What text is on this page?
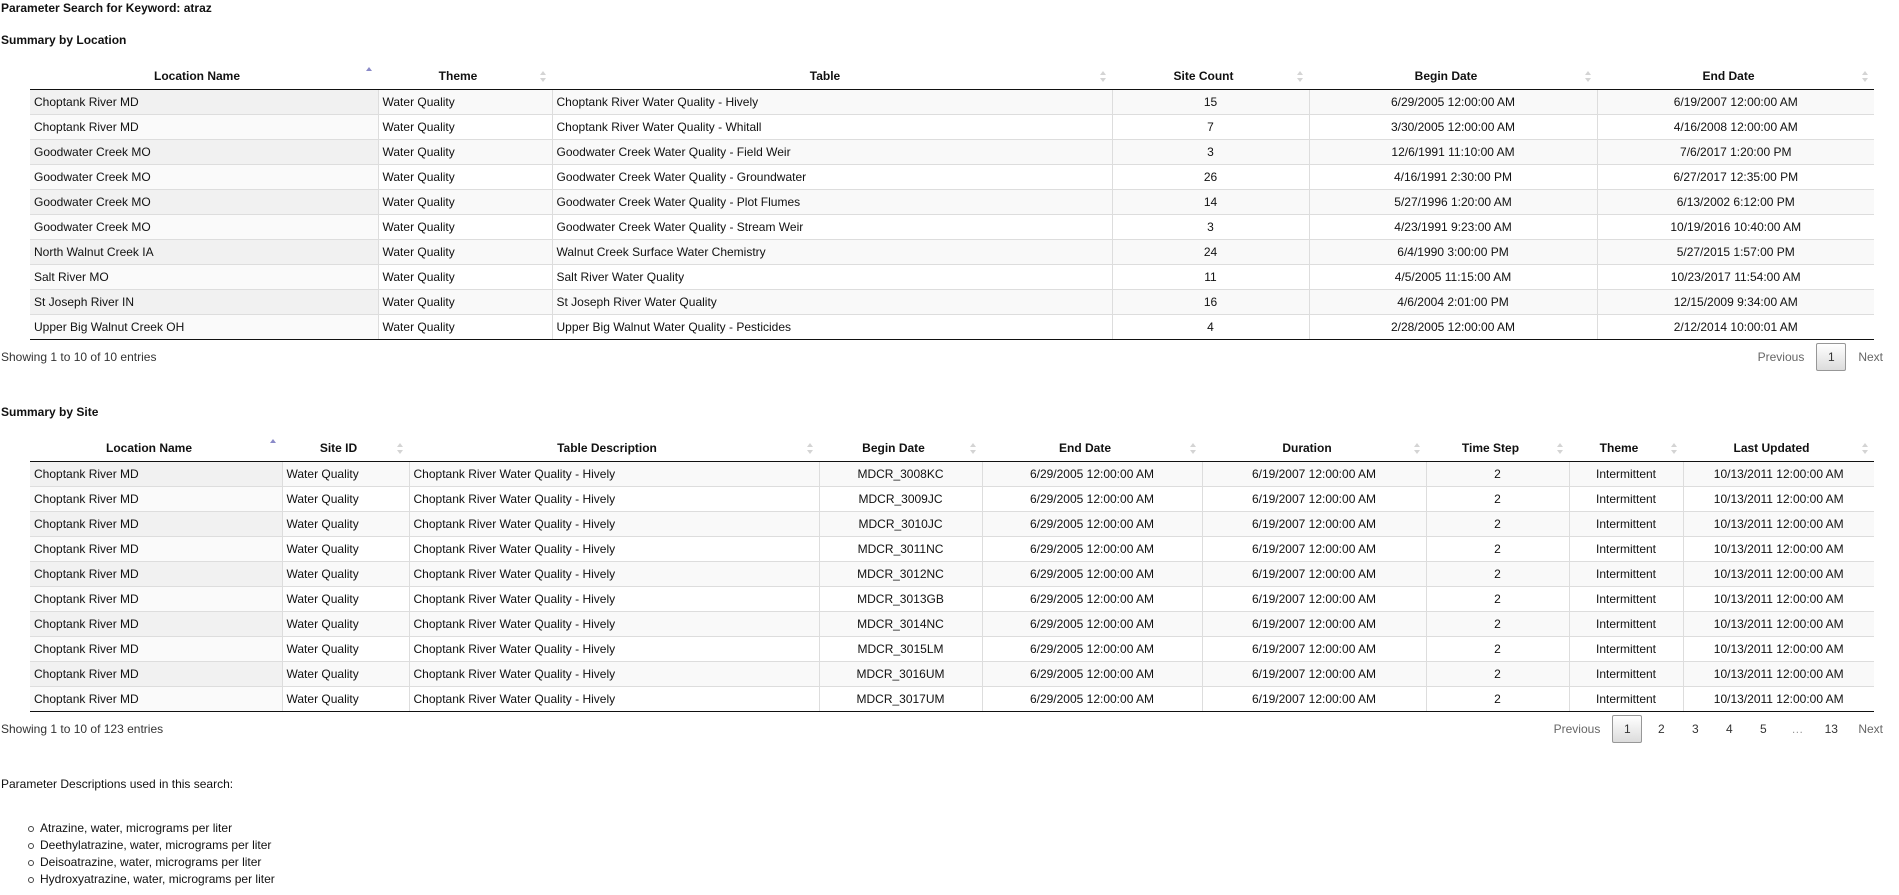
Parameter Search for Keyword: atraz
Summary by Location
Location Name	Theme	Table	Site Count	Begin Date	End Date

Choptank River MD	Water Quality	Choptank River Water Quality - Hively	15	6/29/2005 12:00:00 AM	6/19/2007 12:00:00 AM
Choptank River MD	Water Quality	Choptank River Water Quality - Whitall	7	3/30/2005 12:00:00 AM	4/16/2008 12:00:00 AM
Goodwater Creek MO	Water Quality	Goodwater Creek Water Quality - Field Weir	3	12/6/1991 11:10:00 AM	7/6/2017 1:20:00 PM
Goodwater Creek MO	Water Quality	Goodwater Creek Water Quality - Groundwater	26	4/16/1991 2:30:00 PM	6/27/2017 12:35:00 PM
Goodwater Creek MO	Water Quality	Goodwater Creek Water Quality - Plot Flumes	14	5/27/1996 1:20:00 AM	6/13/2002 6:12:00 PM
Goodwater Creek MO	Water Quality	Goodwater Creek Water Quality - Stream Weir	3	4/23/1991 9:23:00 AM	10/19/2016 10:40:00 AM
North Walnut Creek IA	Water Quality	Walnut Creek Surface Water Chemistry	24	6/4/1990 3:00:00 PM	5/27/2015 1:57:00 PM
Salt River MO	Water Quality	Salt River Water Quality	11	4/5/2005 11:15:00 AM	10/23/2017 11:54:00 AM
St Joseph River IN	Water Quality	St Joseph River Water Quality	16	4/6/2004 2:01:00 PM	12/15/2009 9:34:00 AM
Upper Big Walnut Creek OH	Water Quality	Upper Big Walnut Water Quality - Pesticides	4	2/28/2005 12:00:00 AM	2/12/2014 10:00:01 AM
Showing 1 to 10 of 10 entries	Previous	1	Next
Summary by Site
Location Name	Site ID	Table Description	Begin Date	End Date	Duration	Time Step	Theme	Last Updated

Choptank River MD	Water Quality	Choptank River Water Quality - Hively	MDCR_3008KC	6/29/2005 12:00:00 AM	6/19/2007 12:00:00 AM	2	Intermittent	10/13/2011 12:00:00 AM
Choptank River MD	Water Quality	Choptank River Water Quality - Hively	MDCR_3009JC	6/29/2005 12:00:00 AM	6/19/2007 12:00:00 AM	2	Intermittent	10/13/2011 12:00:00 AM
Choptank River MD	Water Quality	Choptank River Water Quality - Hively	MDCR_3010JC	6/29/2005 12:00:00 AM	6/19/2007 12:00:00 AM	2	Intermittent	10/13/2011 12:00:00 AM
Choptank River MD	Water Quality	Choptank River Water Quality - Hively	MDCR_3011NC	6/29/2005 12:00:00 AM	6/19/2007 12:00:00 AM	2	Intermittent	10/13/2011 12:00:00 AM
Choptank River MD	Water Quality	Choptank River Water Quality - Hively	MDCR_3012NC	6/29/2005 12:00:00 AM	6/19/2007 12:00:00 AM	2	Intermittent	10/13/2011 12:00:00 AM
Choptank River MD	Water Quality	Choptank River Water Quality - Hively	MDCR_3013GB	6/29/2005 12:00:00 AM	6/19/2007 12:00:00 AM	2	Intermittent	10/13/2011 12:00:00 AM
Choptank River MD	Water Quality	Choptank River Water Quality - Hively	MDCR_3014NC	6/29/2005 12:00:00 AM	6/19/2007 12:00:00 AM	2	Intermittent	10/13/2011 12:00:00 AM
Choptank River MD	Water Quality	Choptank River Water Quality - Hively	MDCR_3015LM	6/29/2005 12:00:00 AM	6/19/2007 12:00:00 AM	2	Intermittent	10/13/2011 12:00:00 AM
Choptank River MD	Water Quality	Choptank River Water Quality - Hively	MDCR_3016UM	6/29/2005 12:00:00 AM	6/19/2007 12:00:00 AM	2	Intermittent	10/13/2011 12:00:00 AM
Choptank River MD	Water Quality	Choptank River Water Quality - Hively	MDCR_3017UM	6/29/2005 12:00:00 AM	6/19/2007 12:00:00 AM	2	Intermittent	10/13/2011 12:00:00 AM
Showing 1 to 10 of 123 entries	Previous	1	2	3	4	5	…	13	Next
Parameter Descriptions used in this search:
Atrazine, water, micrograms per liter
Deethylatrazine, water, micrograms per liter
Deisoatrazine, water, micrograms per liter
Hydroxyatrazine, water, micrograms per liter
